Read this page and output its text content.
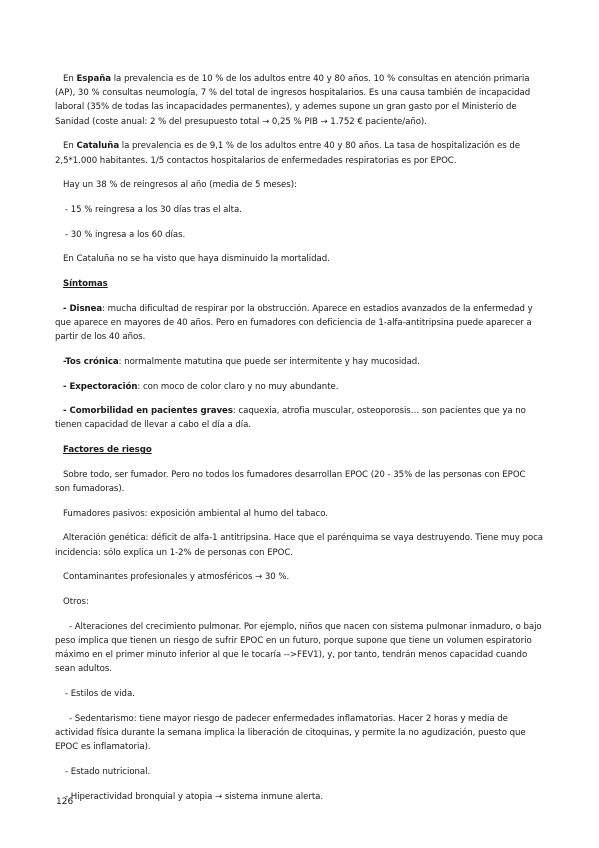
En España la prevalencia es de 10 % de los adultos entre 40 y 80 años. 10 % consultas en atención primaria (AP), 30 % consultas neumología, 7 % del total de ingresos hospitalarios. Es una causa también de incapacidad laboral (35% de todas las incapacidades permanentes), y ademes supone un gran gasto por el Ministerio de Sanidad (coste anual: 2 % del presupuesto total → 0,25 % PIB → 1.752 € paciente/año).

En Cataluña la prevalencia es de 9,1 % de los adultos entre 40 y 80 años. La tasa de hospitalización es de 2,5*1.000 habitantes. 1/5 contactos hospitalarios de enfermedades respiratorias es por EPOC.

Hay un 38 % de reingresos al año (media de 5 meses):

- 15 % reingresa a los 30 días tras el alta.

- 30 % ingresa a los 60 días.

En Cataluña no se ha visto que haya disminuido la mortalidad.

Síntomas

- Disnea: mucha dificultad de respirar por la obstrucción. Aparece en estadios avanzados de la enfermedad y que aparece en mayores de 40 años. Pero en fumadores con deficiencia de 1-alfa-antitripsina puede aparecer a partir de los 40 años.

-Tos crónica: normalmente matutina que puede ser intermitente y hay mucosidad.

- Expectoración: con moco de color claro y no muy abundante.

- Comorbilidad en pacientes graves: caquexia, atrofia muscular, osteoporosis… son pacientes que ya no tienen capacidad de llevar a cabo el día a día.

Factores de riesgo

Sobre todo, ser fumador. Pero no todos los fumadores desarrollan EPOC (20 - 35% de las personas con EPOC son fumadoras).

Fumadores pasivos: exposición ambiental al humo del tabaco.

Alteración genética: déficit de alfa-1 antitripsina. Hace que el parénquima se vaya destruyendo. Tiene muy poca incidencia: sólo explica un 1-2% de personas con EPOC.

Contaminantes profesionales y atmosféricos → 30 %.

Otros:

- Alteraciones del crecimiento pulmonar. Por ejemplo, niños que nacen con sistema pulmonar inmaduro, o bajo peso implica que tienen un riesgo de sufrir EPOC en un futuro, porque supone que tiene un volumen espiratorio máximo en el primer minuto inferior al que le tocaría -->FEV1), y, por tanto, tendrán menos capacidad cuando sean adultos.

- Estilos de vida.

- Sedentarismo: tiene mayor riesgo de padecer enfermedades inflamatorias. Hacer 2 horas y media de actividad física durante la semana implica la liberación de citoquinas, y permite la no agudización, puesto que EPOC es inflamatoria).

- Estado nutricional.

- Hiperactividad bronquial y atopia → sistema inmune alerta.

126
